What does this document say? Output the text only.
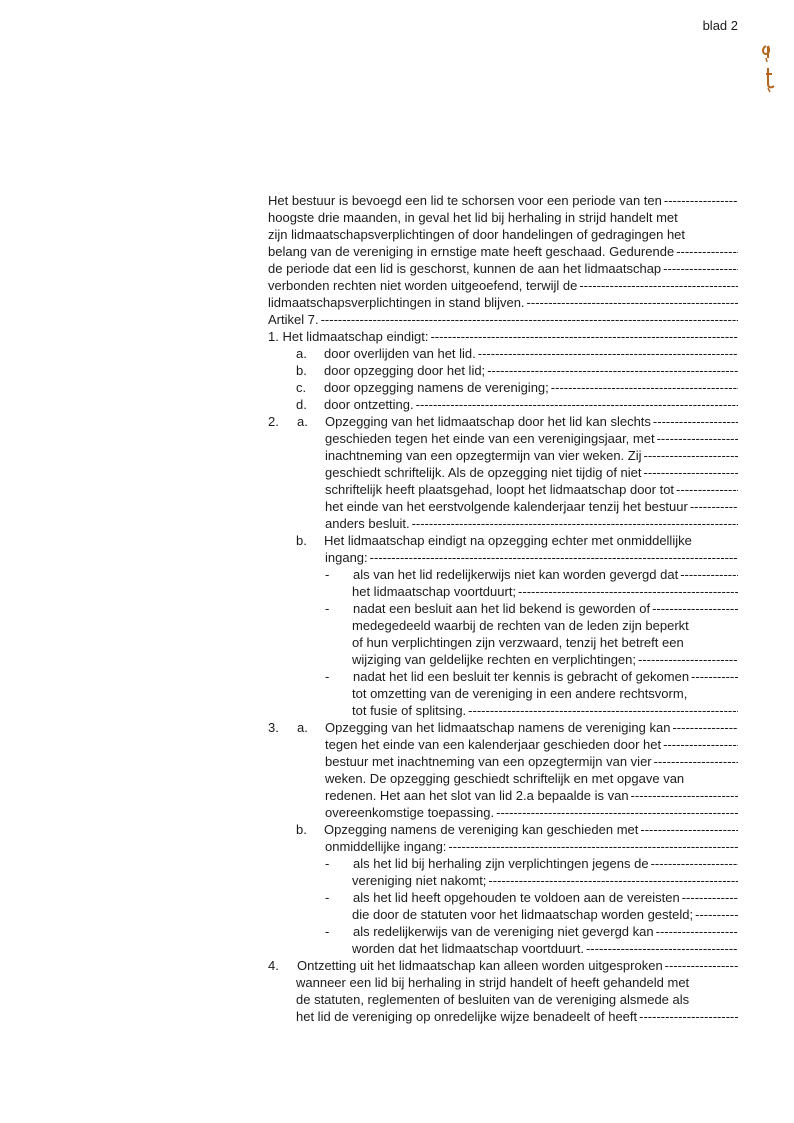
blad 2
Het bestuur is bevoegd een lid te schorsen voor een periode van ten
-----
hoogste drie maanden, in geval het lid bij herhaling in strijd handelt met
zijn lidmaatschapsverplichtingen of door handelingen of gedragingen het
belang van de vereniging in ernstige mate heeft geschaad. Gedurende
-----
de periode dat een lid is geschorst, kunnen de aan het lidmaatschap
-----
verbonden rechten niet worden uitgeoefend, terwijl de
-----
lidmaatschapsverplichtingen in stand blijven.
-----
Artikel 7.
-----
1. Het lidmaatschap eindigt:
-----
a.	door overlijden van het lid.
-----
b.	door opzegging door het lid;
-----
c.	door opzegging namens de vereniging;
-----
d.	door ontzetting.
-----
2.	a.	Opzegging van het lidmaatschap door het lid kan slechts
-----
geschieden tegen het einde van een verenigingsjaar, met
-----
inachtneming van een opzegtermijn van vier weken. Zij
-----
geschiedt schriftelijk. Als de opzegging niet tijdig of niet
-----
schriftelijk heeft plaatsgehad, loopt het lidmaatschap door tot
-----
het einde van het eerstvolgende kalenderjaar tenzij het bestuur
-----
anders besluit.
-----
b.	Het lidmaatschap eindigt na opzegging echter met onmiddellijke
ingang:
-----
-	als van het lid redelijkerwijs niet kan worden gevergd dat
-----
het lidmaatschap voortduurt;
-----
-	nadat een besluit aan het lid bekend is geworden of
-----
medegedeeld waarbij de rechten van de leden zijn beperkt
of hun verplichtingen zijn verzwaard, tenzij het betreft een
wijziging van geldelijke rechten en verplichtingen;
-----
-	nadat het lid een besluit ter kennis is gebracht of gekomen
-----
tot omzetting van de vereniging in een andere rechtsvorm,
tot fusie of splitsing.
-----
3.	a.	Opzegging van het lidmaatschap namens de vereniging kan
-----
tegen het einde van een kalenderjaar geschieden door het
-----
bestuur met inachtneming van een opzegtermijn van vier
-----
weken. De opzegging geschiedt schriftelijk en met opgave van
redenen. Het aan het slot van lid 2.a bepaalde is van
-----
overeenkomstige toepassing.
-----
b.	Opzegging namens de vereniging kan geschieden met
-----
onmiddellijke ingang:
-----
-	als het lid bij herhaling zijn verplichtingen jegens de
-----
vereniging niet nakomt;
-----
-	als het lid heeft opgehouden te voldoen aan de vereisten
-----
die door de statuten voor het lidmaatschap worden gesteld;
-----
-	als redelijkerwijs van de vereniging niet gevergd kan
-----
worden dat het lidmaatschap voortduurt.
-----
4.	Ontzetting uit het lidmaatschap kan alleen worden uitgesproken
-----
wanneer een lid bij herhaling in strijd handelt of heeft gehandeld met
de statuten, reglementen of besluiten van de vereniging alsmede als
het lid de vereniging op onredelijke wijze benadeelt of heeft
-----
